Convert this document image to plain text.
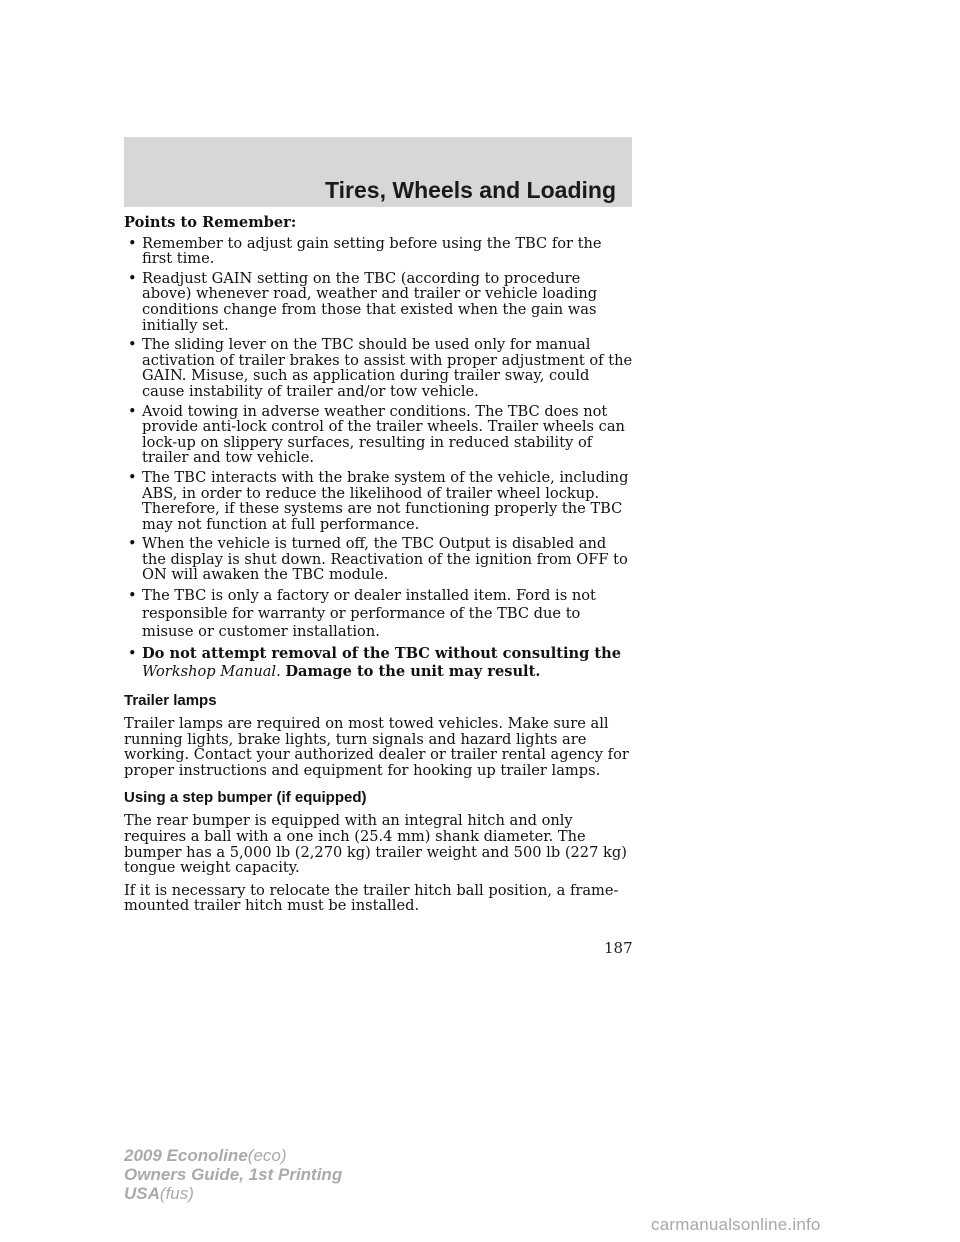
Tires, Wheels and Loading
Points to Remember:
• Remember to adjust gain setting before using the TBC for the first time.
• Readjust GAIN setting on the TBC (according to procedure above) whenever road, weather and trailer or vehicle loading conditions change from those that existed when the gain was initially set.
• The sliding lever on the TBC should be used only for manual activation of trailer brakes to assist with proper adjustment of the GAIN. Misuse, such as application during trailer sway, could cause instability of trailer and/or tow vehicle.
• Avoid towing in adverse weather conditions. The TBC does not provide anti-lock control of the trailer wheels. Trailer wheels can lock-up on slippery surfaces, resulting in reduced stability of trailer and tow vehicle.
• The TBC interacts with the brake system of the vehicle, including ABS, in order to reduce the likelihood of trailer wheel lockup. Therefore, if these systems are not functioning properly the TBC may not function at full performance.
• When the vehicle is turned off, the TBC Output is disabled and the display is shut down. Reactivation of the ignition from OFF to ON will awaken the TBC module.
• The TBC is only a factory or dealer installed item. Ford is not responsible for warranty or performance of the TBC due to misuse or customer installation.
• Do not attempt removal of the TBC without consulting the
Workshop Manual. Damage to the unit may result.
Trailer lamps

Trailer lamps are required on most towed vehicles. Make sure all running lights, brake lights, turn signals and hazard lights are working. Contact your authorized dealer or trailer rental agency for proper instructions and equipment for hooking up trailer lamps.

Using a step bumper (if equipped)

The rear bumper is equipped with an integral hitch and only requires a ball with a one inch (25.4 mm) shank diameter. The bumper has a 5,000 lb (2,270 kg) trailer weight and 500 lb (227 kg) tongue weight capacity.

If it is necessary to relocate the trailer hitch ball position, a frame-mounted trailer hitch must be installed.

187
2009 Econoline(eco)
Owners Guide, 1st Printing
USA(fus)
carmanualsonline.info
